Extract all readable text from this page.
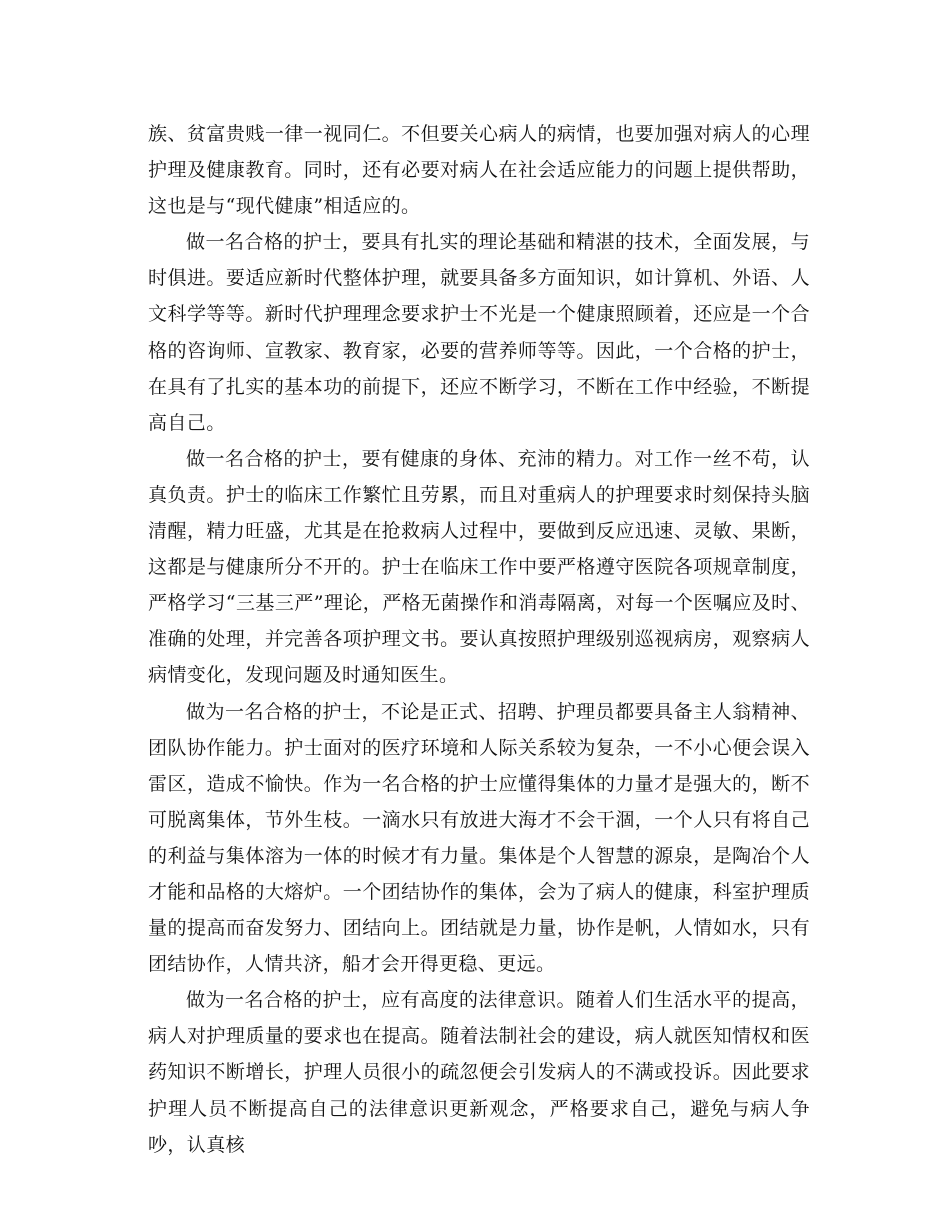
族、贫富贵贱一律一视同仁。不但要关心病人的病情，也要加强对病人的心理护理及健康教育。同时，还有必要对病人在社会适应能力的问题上提供帮助，这也是与“现代健康”相适应的。

做一名合格的护士，要具有扎实的理论基础和精湛的技术，全面发展，与时俱进。要适应新时代整体护理，就要具备多方面知识，如计算机、外语、人文科学等等。新时代护理理念要求护士不光是一个健康照顾着，还应是一个合格的咨询师、宣教家、教育家，必要的营养师等等。因此，一个合格的护士，在具有了扎实的基本功的前提下，还应不断学习，不断在工作中经验，不断提高自己。

做一名合格的护士，要有健康的身体、充沛的精力。对工作一丝不苟，认真负责。护士的临床工作繁忙且劳累，而且对重病人的护理要求时刻保持头脑清醒，精力旺盛，尤其是在抢救病人过程中，要做到反应迅速、灵敏、果断，这都是与健康所分不开的。护士在临床工作中要严格遵守医院各项规章制度，严格学习“三基三严”理论，严格无菌操作和消毒隔离，对每一个医嘱应及时、准确的处理，并完善各项护理文书。要认真按照护理级别巡视病房，观察病人病情变化，发现问题及时通知医生。

做为一名合格的护士，不论是正式、招聘、护理员都要具备主人翁精神、团队协作能力。护士面对的医疗环境和人际关系较为复杂，一不小心便会误入雷区，造成不愉快。作为一名合格的护士应懂得集体的力量才是强大的，断不可脱离集体，节外生枝。一滴水只有放进大海才不会干涸，一个人只有将自己的利益与集体溶为一体的时候才有力量。集体是个人智慧的源泉，是陶冶个人才能和品格的大熔炉。一个团结协作的集体，会为了病人的健康，科室护理质量的提高而奋发努力、团结向上。团结就是力量，协作是帆，人情如水，只有团结协作，人情共济，船才会开得更稳、更远。

做为一名合格的护士，应有高度的法律意识。随着人们生活水平的提高，病人对护理质量的要求也在提高。随着法制社会的建设，病人就医知情权和医药知识不断增长，护理人员很小的疏忽便会引发病人的不满或投诉。因此要求护理人员不断提高自己的法律意识更新观念，严格要求自己，避免与病人争吵，认真核
